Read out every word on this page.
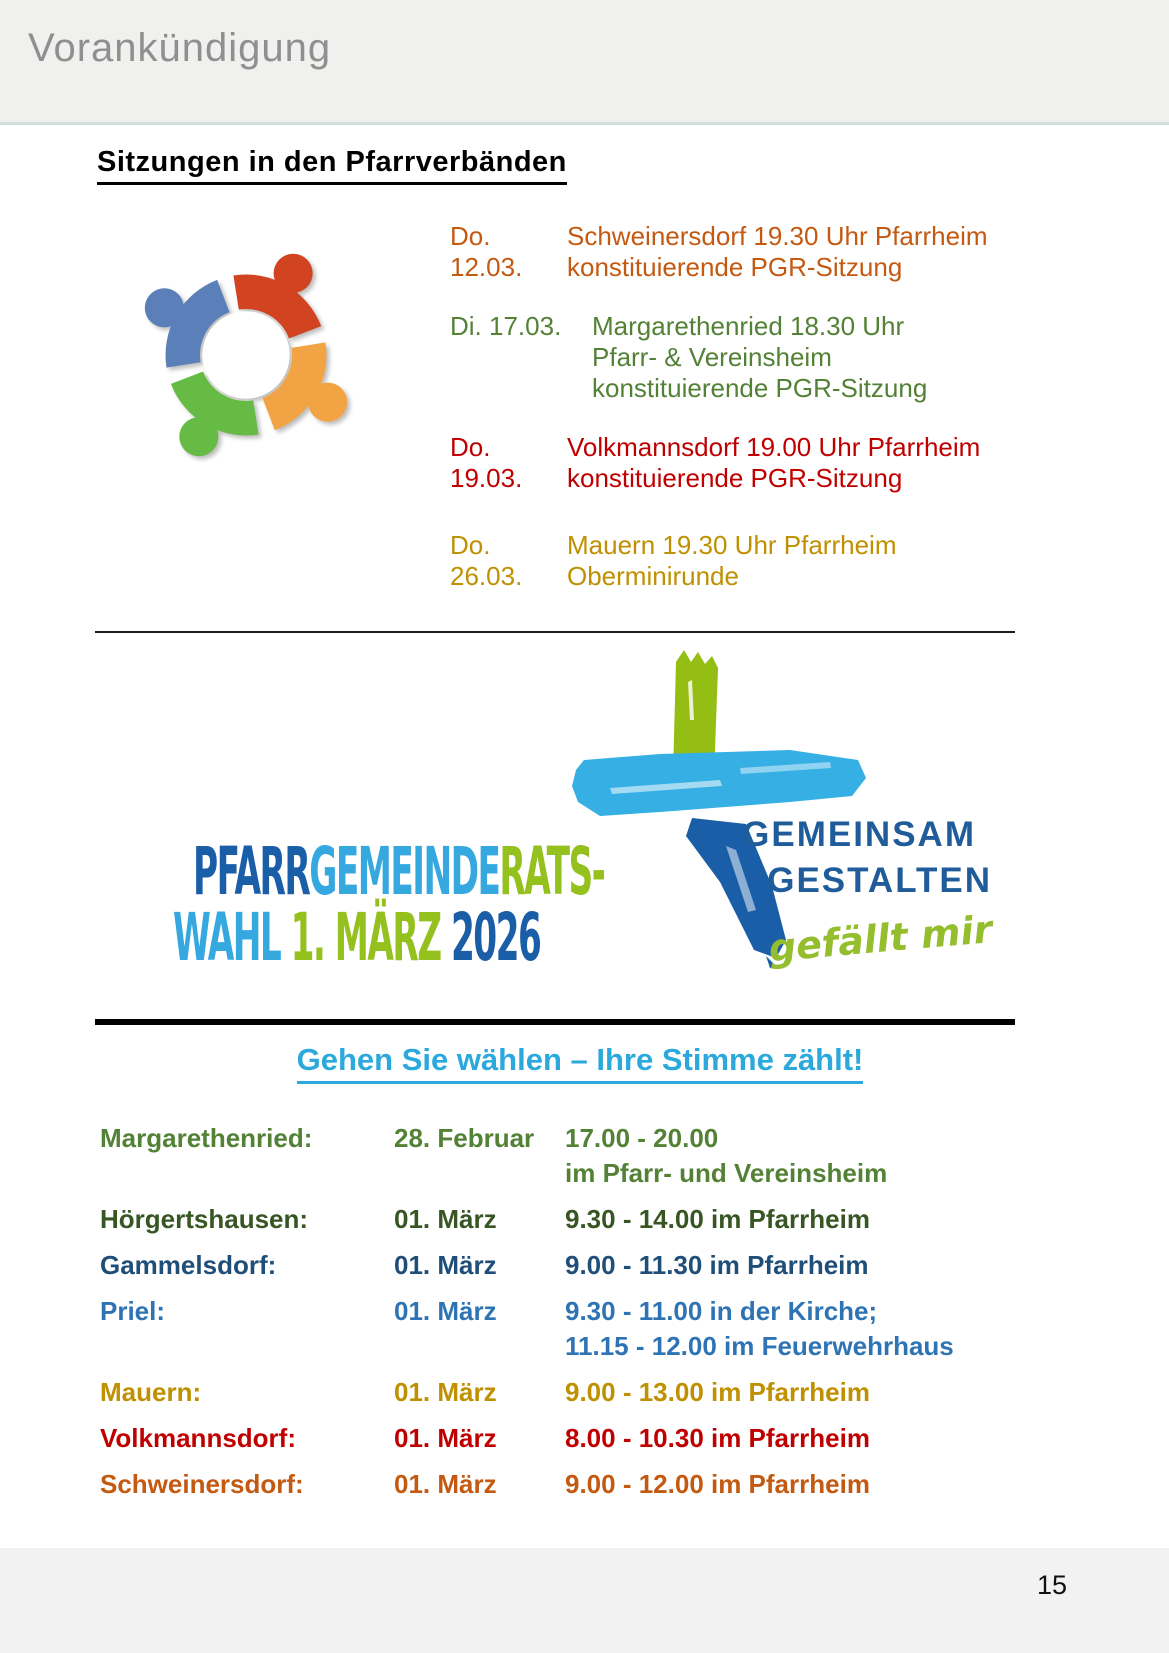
Vorankündigung
Sitzungen in den Pfarrverbänden
Do. 12.03.
Schweinersdorf 19.30 Uhr Pfarrheim
konstituierende PGR-Sitzung
Di. 17.03. Margarethenried 18.30 Uhr
Pfarr- & Vereinsheim
konstituierende PGR-Sitzung
Do. 19.03.
Volkmannsdorf 19.00 Uhr Pfarrheim
konstituierende PGR-Sitzung
Do. 26.03.
Mauern 19.30 Uhr Pfarrheim
Oberminirunde
PFARRGEMEINDERATS-
WAHL 1. MÄRZ 2026
GEMEINSAM
GESTALTEN
gefällt mir
Gehen Sie wählen – Ihre Stimme zählt!
Margarethenried:	28. Februar	17.00 - 20.00
im Pfarr- und Vereinsheim
Hörgertshausen:	01. März	9.30 - 14.00 im Pfarrheim
Gammelsdorf:	01. März	9.00 - 11.30 im Pfarrheim
Priel:	01. März	9.30 - 11.00 in der Kirche;
11.15 - 12.00 im Feuerwehrhaus
Mauern:	01. März	9.00 - 13.00 im Pfarrheim
Volkmannsdorf:	01. März	8.00 - 10.30 im Pfarrheim
Schweinersdorf:	01. März	9.00 - 12.00 im Pfarrheim
15
